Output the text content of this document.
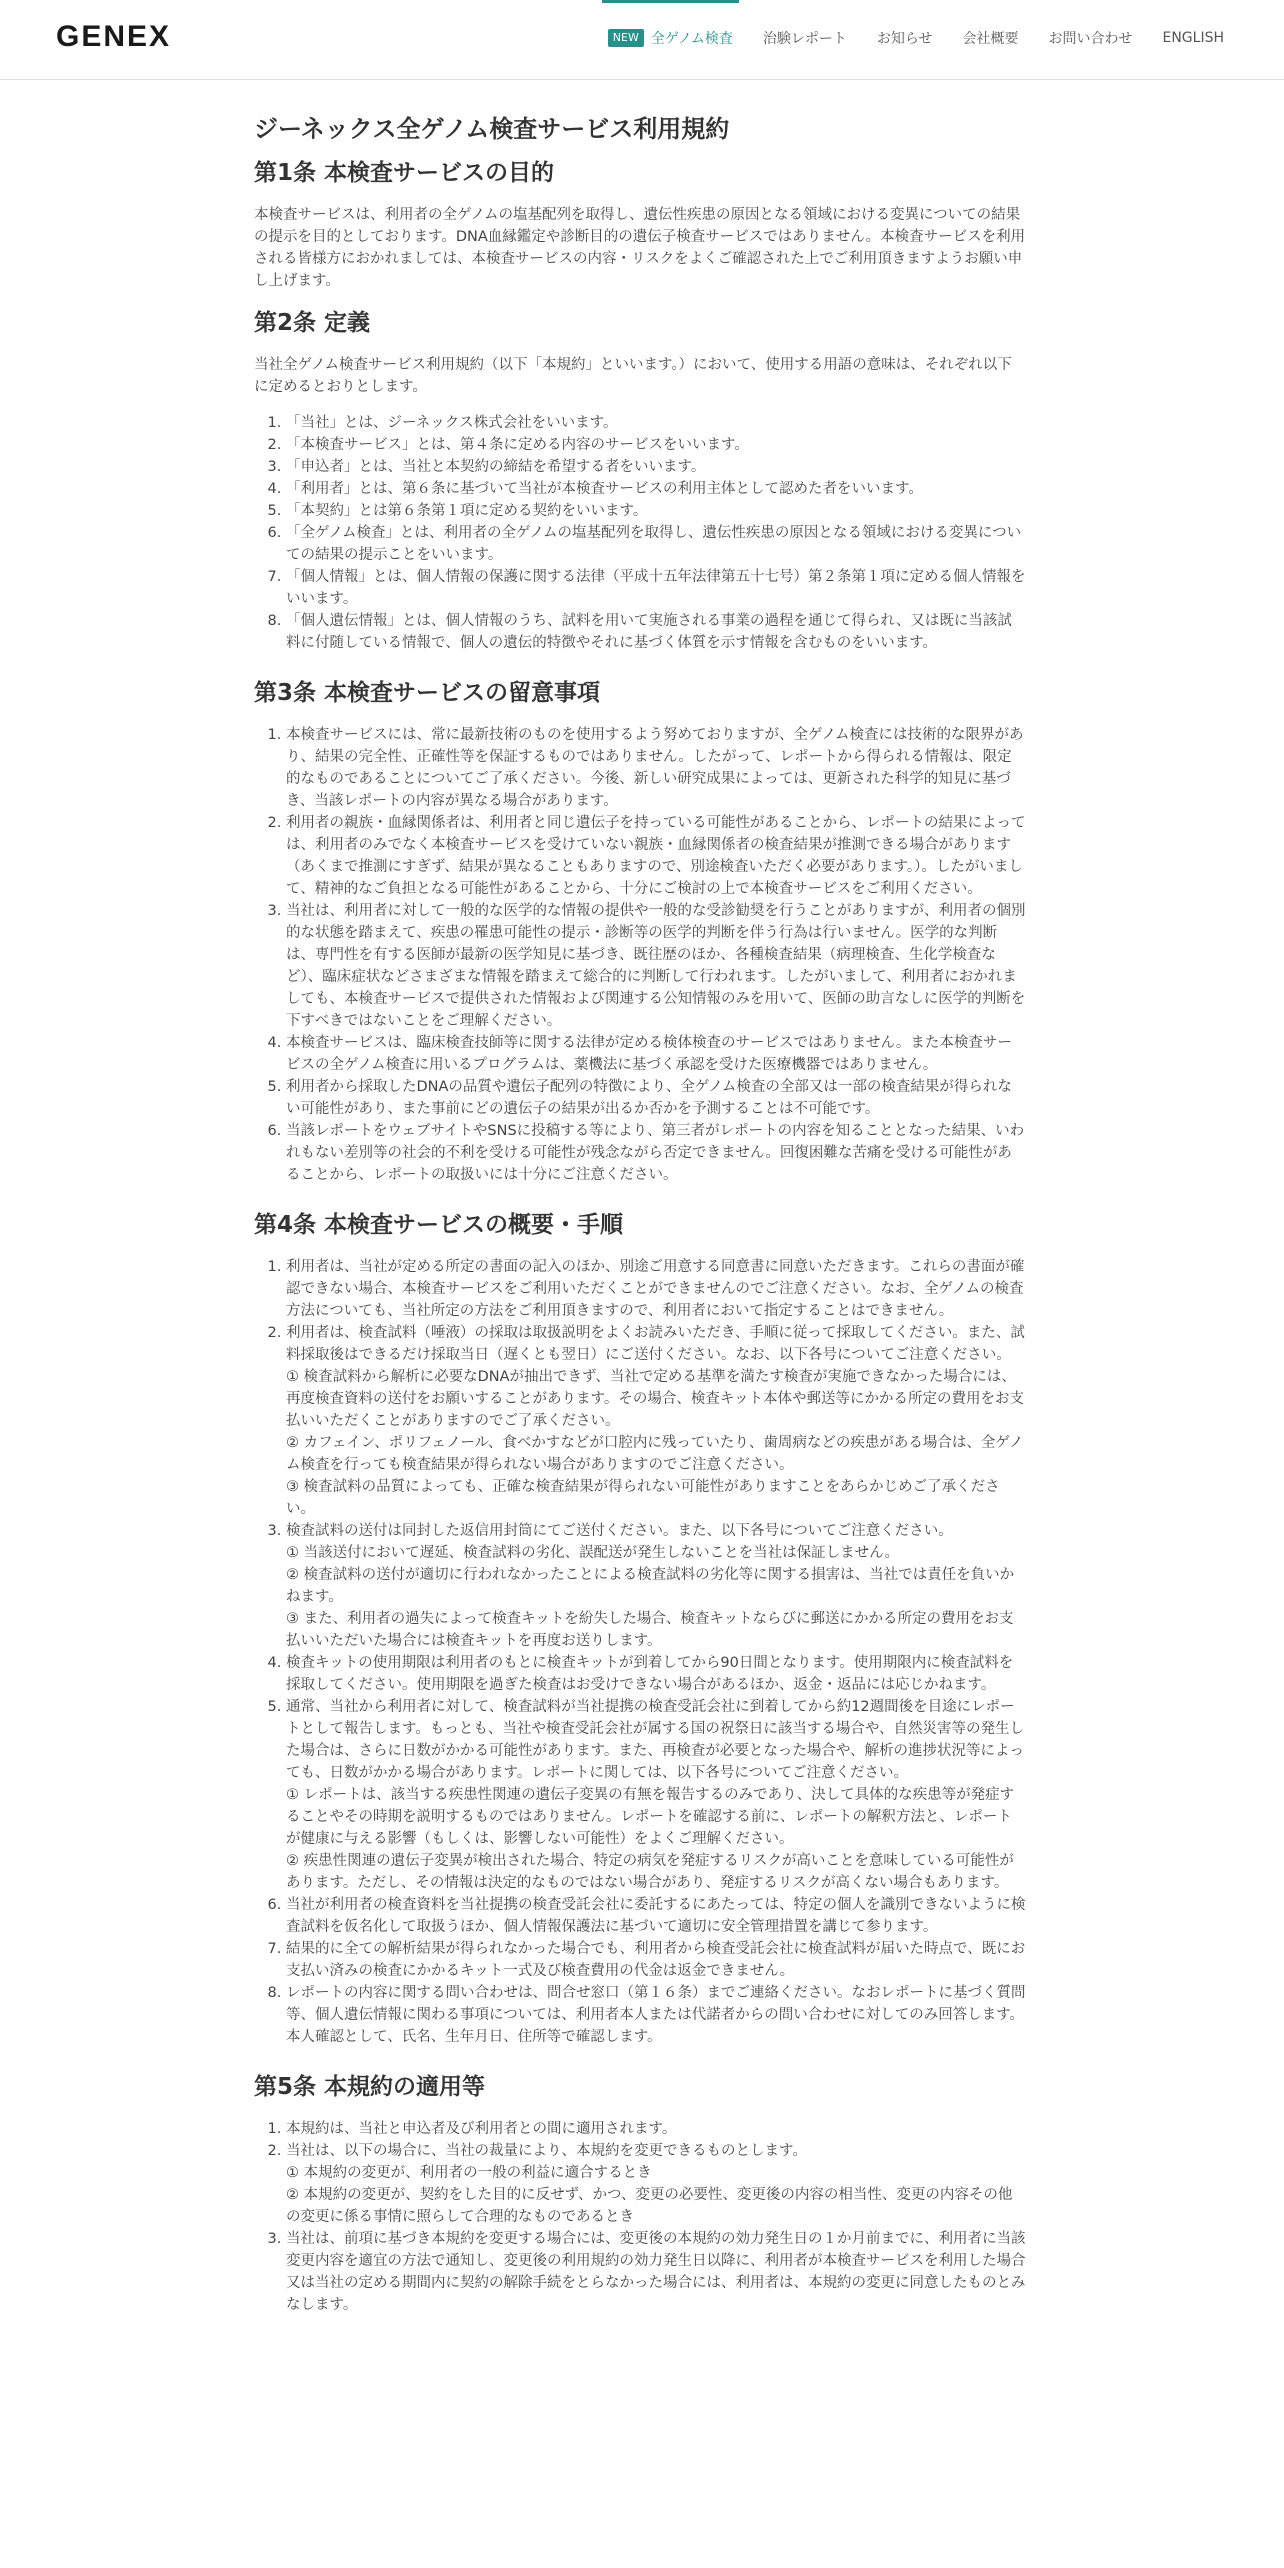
GENEX	NEW 全ゲノム検査 治験レポート お知らせ 会社概要 お問い合わせ ENGLISH
ジーネックス全ゲノム検査サービス利用規約
第1条 本検査サービスの目的

本検査サービスは、利用者の全ゲノムの塩基配列を取得し、遺伝性疾患の原因となる領域における変異についての結果の提示を目的としております。DNA血縁鑑定や診断目的の遺伝子検査サービスではありません。本検査サービスを利用される皆様方におかれましては、本検査サービスの内容・リスクをよくご確認された上でご利用頂きますようお願い申し上げます。

第2条 定義

当社全ゲノム検査サービス利用規約（以下「本規約」といいます。）において、使用する用語の意味は、それぞれ以下に定めるとおりとします。

1. 「当社」とは、ジーネックス株式会社をいいます。
2. 「本検査サービス」とは、第４条に定める内容のサービスをいいます。
3. 「申込者」とは、当社と本契約の締結を希望する者をいいます。
4. 「利用者」とは、第６条に基づいて当社が本検査サービスの利用主体として認めた者をいいます。
5. 「本契約」とは第６条第１項に定める契約をいいます。
6. 「全ゲノム検査」とは、利用者の全ゲノムの塩基配列を取得し、遺伝性疾患の原因となる領域における変異についての結果の提示ことをいいます。
7. 「個人情報」とは、個人情報の保護に関する法律（平成十五年法律第五十七号）第２条第１項に定める個人情報をいいます。
8. 「個人遺伝情報」とは、個人情報のうち、試料を用いて実施される事業の過程を通じて得られ、又は既に当該試料に付随している情報で、個人の遺伝的特徴やそれに基づく体質を示す情報を含むものをいいます。
第3条 本検査サービスの留意事項
1. 本検査サービスには、常に最新技術のものを使用するよう努めておりますが、全ゲノム検査には技術的な限界があり、結果の完全性、正確性等を保証するものではありません。したがって、レポートから得られる情報は、限定的なものであることについてご了承ください。今後、新しい研究成果によっては、更新された科学的知見に基づき、当該レポートの内容が異なる場合があります。
2. 利用者の親族・血縁関係者は、利用者と同じ遺伝子を持っている可能性があることから、レポートの結果によっては、利用者のみでなく本検査サービスを受けていない親族・血縁関係者の検査結果が推測できる場合があります（あくまで推測にすぎず、結果が異なることもありますので、別途検査いただく必要があります。）。したがいまして、精神的なご負担となる可能性があることから、十分にご検討の上で本検査サービスをご利用ください。
3. 当社は、利用者に対して一般的な医学的な情報の提供や一般的な受診勧奨を行うことがありますが、利用者の個別的な状態を踏まえて、疾患の罹患可能性の提示・診断等の医学的判断を伴う行為は行いません。医学的な判断は、専門性を有する医師が最新の医学知見に基づき、既往歴のほか、各種検査結果（病理検査、生化学検査など）、臨床症状などさまざまな情報を踏まえて総合的に判断して行われます。したがいまして、利用者におかれましても、本検査サービスで提供された情報および関連する公知情報のみを用いて、医師の助言なしに医学的判断を下すべきではないことをご理解ください。
4. 本検査サービスは、臨床検査技師等に関する法律が定める検体検査のサービスではありません。また本検査サービスの全ゲノム検査に用いるプログラムは、薬機法に基づく承認を受けた医療機器ではありません。
5. 利用者から採取したDNAの品質や遺伝子配列の特徴により、全ゲノム検査の全部又は一部の検査結果が得られない可能性があり、また事前にどの遺伝子の結果が出るか否かを予測することは不可能です。
6. 当該レポートをウェブサイトやSNSに投稿する等により、第三者がレポートの内容を知ることとなった結果、いわれもない差別等の社会的不利を受ける可能性が残念ながら否定できません。回復困難な苦痛を受ける可能性があることから、レポートの取扱いには十分にご注意ください。
第4条 本検査サービスの概要・手順
1. 利用者は、当社が定める所定の書面の記入のほか、別途ご用意する同意書に同意いただきます。これらの書面が確認できない場合、本検査サービスをご利用いただくことができませんのでご注意ください。なお、全ゲノムの検査方法についても、当社所定の方法をご利用頂きますので、利用者において指定することはできません。
2. 利用者は、検査試料（唾液）の採取は取扱説明をよくお読みいただき、手順に従って採取してください。また、試料採取後はできるだけ採取当日（遅くとも翌日）にご送付ください。なお、以下各号についてご注意ください。
① 検査試料から解析に必要なDNAが抽出できず、当社で定める基準を満たす検査が実施できなかった場合には、再度検査資料の送付をお願いすることがあります。その場合、検査キット本体や郵送等にかかる所定の費用をお支払いいただくことがありますのでご了承ください。
② カフェイン、ポリフェノール、食べかすなどが口腔内に残っていたり、歯周病などの疾患がある場合は、全ゲノム検査を行っても検査結果が得られない場合がありますのでご注意ください。
③ 検査試料の品質によっても、正確な検査結果が得られない可能性がありますことをあらかじめご了承ください。
3. 検査試料の送付は同封した返信用封筒にてご送付ください。また、以下各号についてご注意ください。
① 当該送付において遅延、検査試料の劣化、誤配送が発生しないことを当社は保証しません。
② 検査試料の送付が適切に行われなかったことによる検査試料の劣化等に関する損害は、当社では責任を負いかねます。
③ また、利用者の過失によって検査キットを紛失した場合、検査キットならびに郵送にかかる所定の費用をお支払いいただいた場合には検査キットを再度お送りします。
4. 検査キットの使用期限は利用者のもとに検査キットが到着してから90日間となります。使用期限内に検査試料を採取してください。使用期限を過ぎた検査はお受けできない場合があるほか、返金・返品には応じかねます。
5. 通常、当社から利用者に対して、検査試料が当社提携の検査受託会社に到着してから約12週間後を目途にレポートとして報告します。もっとも、当社や検査受託会社が属する国の祝祭日に該当する場合や、自然災害等の発生した場合は、さらに日数がかかる可能性があります。また、再検査が必要となった場合や、解析の進捗状況等によっても、日数がかかる場合があります。レポートに関しては、以下各号についてご注意ください。
① レポートは、該当する疾患性関連の遺伝子変異の有無を報告するのみであり、決して具体的な疾患等が発症することやその時期を説明するものではありません。レポートを確認する前に、レポートの解釈方法と、レポートが健康に与える影響（もしくは、影響しない可能性）をよくご理解ください。
② 疾患性関連の遺伝子変異が検出された場合、特定の病気を発症するリスクが高いことを意味している可能性があります。ただし、その情報は決定的なものではない場合があり、発症するリスクが高くない場合もあります。
6. 当社が利用者の検査資料を当社提携の検査受託会社に委託するにあたっては、特定の個人を識別できないように検査試料を仮名化して取扱うほか、個人情報保護法に基づいて適切に安全管理措置を講じて参ります。
7. 結果的に全ての解析結果が得られなかった場合でも、利用者から検査受託会社に検査試料が届いた時点で、既にお支払い済みの検査にかかるキット一式及び検査費用の代金は返金できません。
8. レポートの内容に関する問い合わせは、問合せ窓口（第１６条）までご連絡ください。なおレポートに基づく質問等、個人遺伝情報に関わる事項については、利用者本人または代諾者からの問い合わせに対してのみ回答します。本人確認として、氏名、生年月日、住所等で確認します。
第5条 本規約の適用等
1. 本規約は、当社と申込者及び利用者との間に適用されます。
2. 当社は、以下の場合に、当社の裁量により、本規約を変更できるものとします。
① 本規約の変更が、利用者の一般の利益に適合するとき
② 本規約の変更が、契約をした目的に反せず、かつ、変更の必要性、変更後の内容の相当性、変更の内容その他の変更に係る事情に照らして合理的なものであるとき
3. 当社は、前項に基づき本規約を変更する場合には、変更後の本規約の効力発生日の１か月前までに、利用者に当該変更内容を適宜の方法で通知し、変更後の利用規約の効力発生日以降に、利用者が本検査サービスを利用した場合又は当社の定める期間内に契約の解除手続をとらなかった場合には、利用者は、本規約の変更に同意したものとみなします。
